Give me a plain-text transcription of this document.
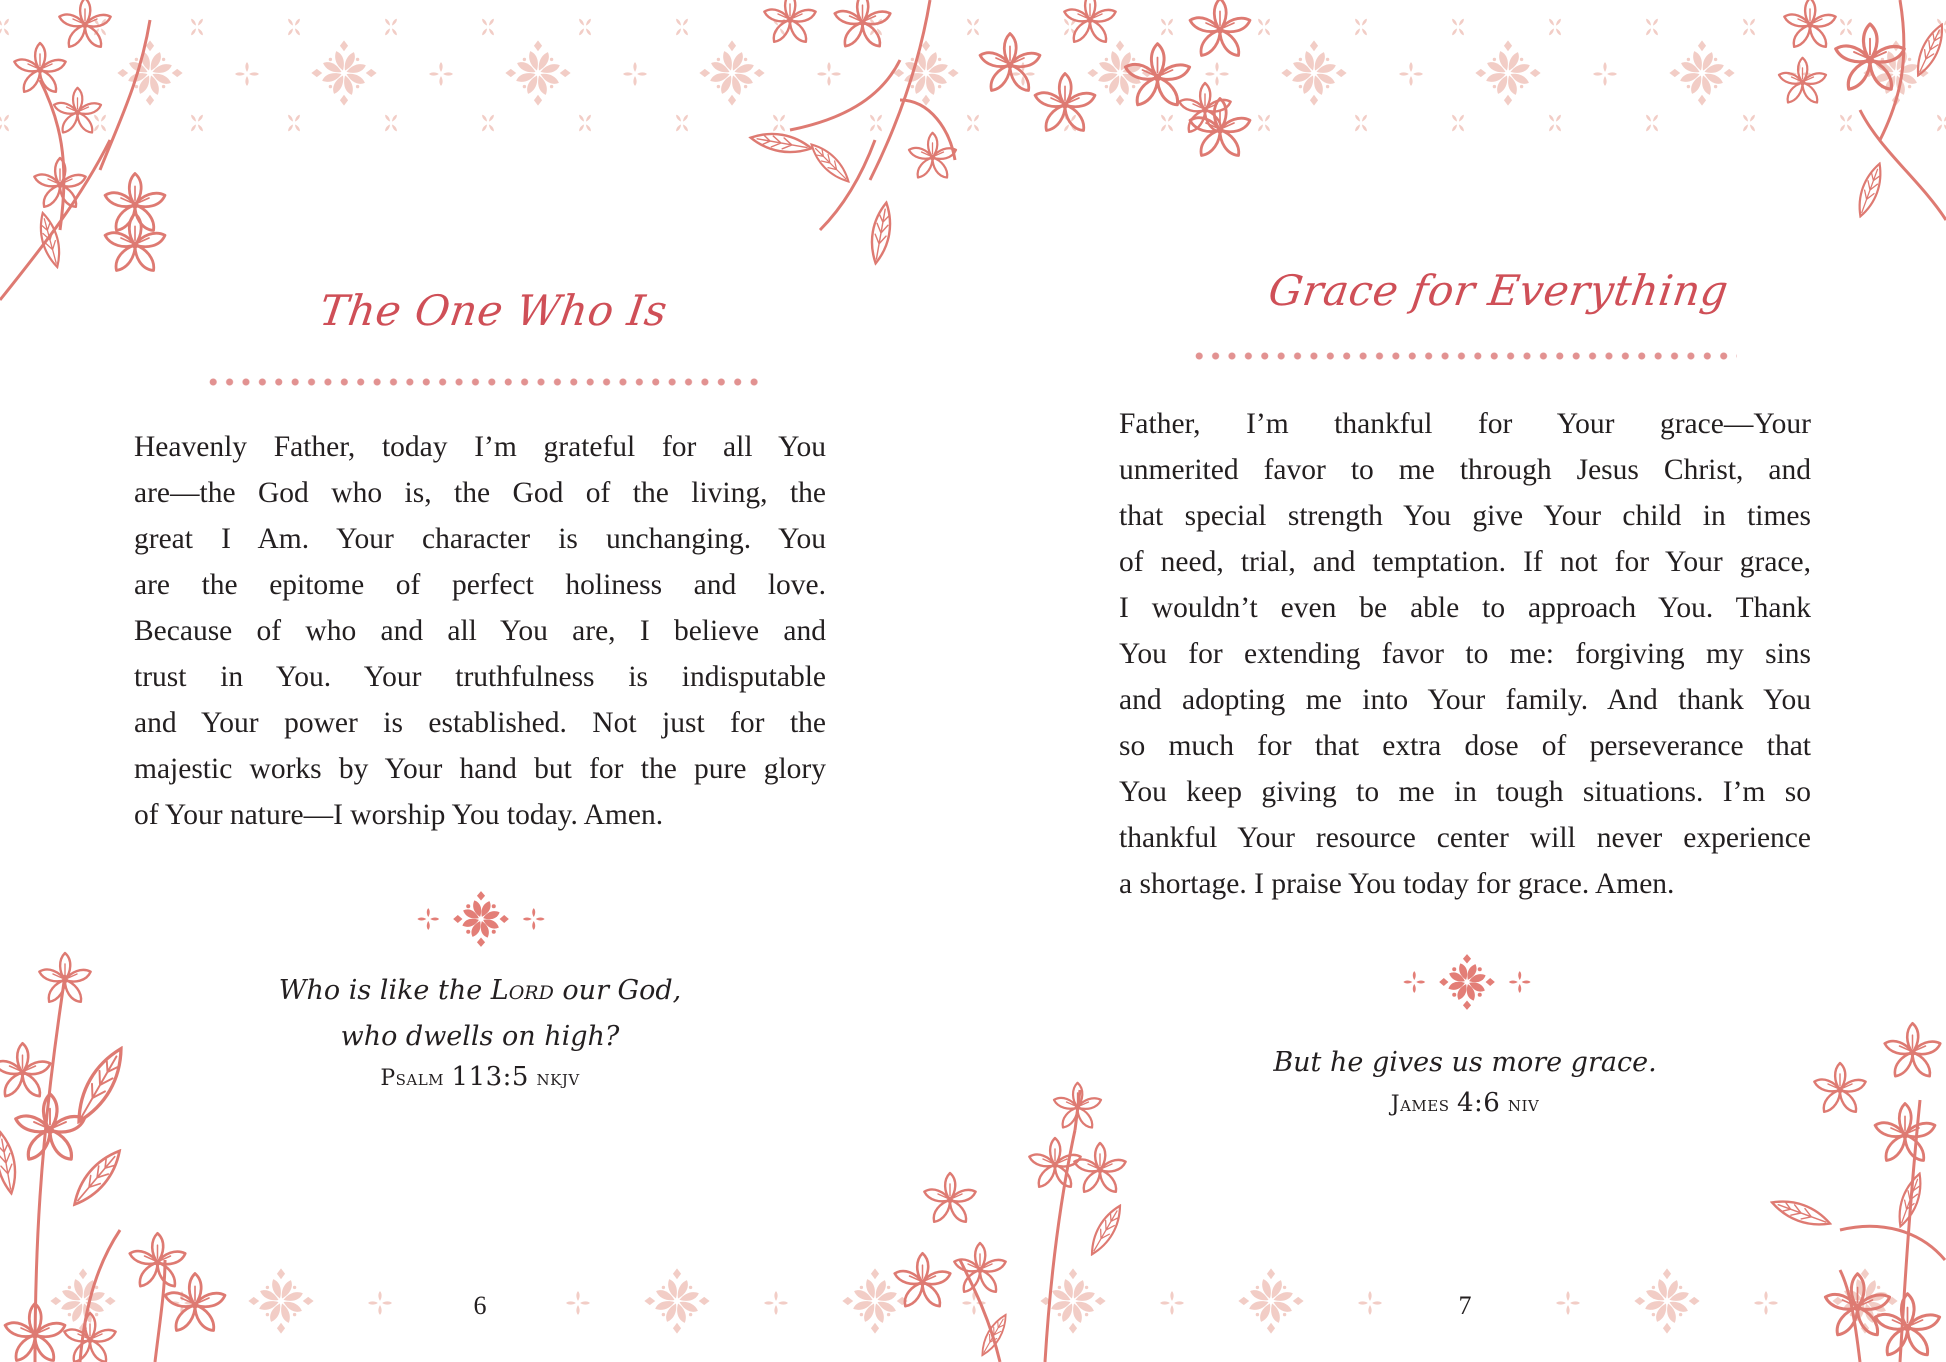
The One Who Is
Heavenly Father, today I’m grateful for all You
are—the God who is, the God of the living, the
great I Am. Your character is unchanging. You
are the epitome of perfect holiness and love.
Because of who and all You are, I believe and
trust in You. Your truthfulness is indisputable
and Your power is established. Not just for the
majestic works by Your hand but for the pure glory
of Your nature—I worship You today. Amen.
Who is like the Lord our God,
who dwells on high?
Psalm 113:5 nkjv
6
Grace for Everything
Father, I’m thankful for Your grace—Your
unmerited favor to me through Jesus Christ, and
that special strength You give Your child in times
of need, trial, and temptation. If not for Your grace,
I wouldn’t even be able to approach You. Thank
You for extending favor to me: forgiving my sins
and adopting me into Your family. And thank You
so much for that extra dose of perseverance that
You keep giving to me in tough situations. I’m so
thankful Your resource center will never experience
a shortage. I praise You today for grace. Amen.
But he gives us more grace.
James 4:6 niv
7
